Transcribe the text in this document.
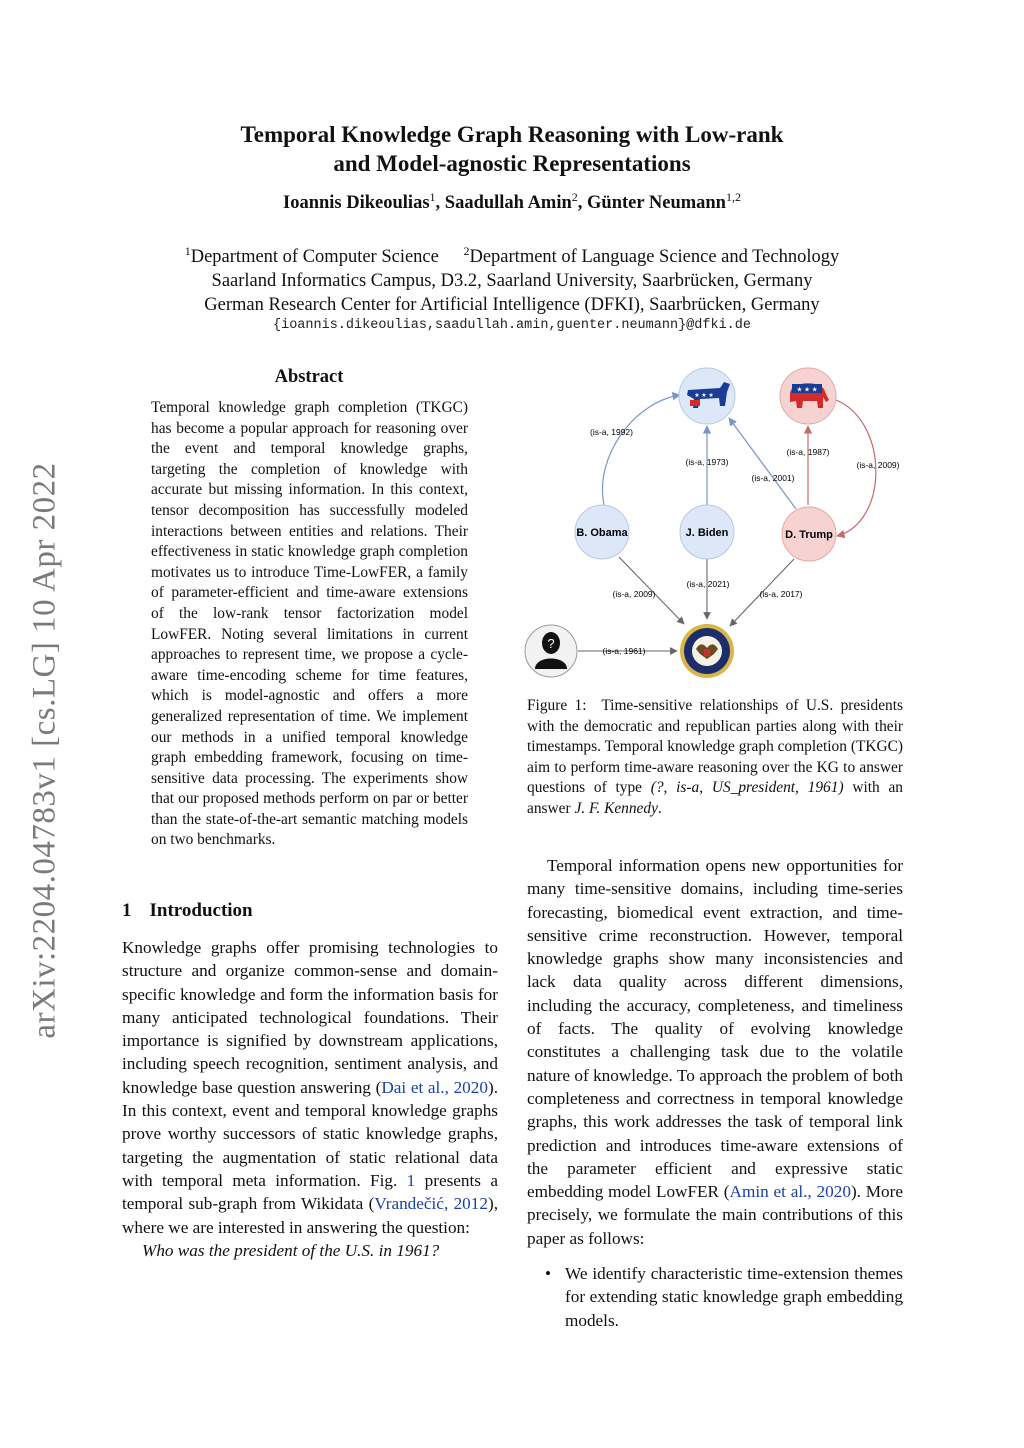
Temporal Knowledge Graph Reasoning with Low-rank
and Model-agnostic Representations
Ioannis Dikeoulias$^1$, Saadullah Amin$^2$, Günter Neumann$^{1,2}$
$^1$Department of Computer Science $^2$Department of Language Science and Technology
Saarland Informatics Campus, D3.2, Saarland University, Saarbrücken, Germany
German Research Center for Artificial Intelligence (DFKI), Saarbrücken, Germany
{ioannis.dikeoulias,saadullah.amin,guenter.neumann}@dfki.de
arXiv:2204.04783v1 [cs.LG] 10 Apr 2022
Abstract
Temporal knowledge graph completion (TKGC) has become a popular approach for reasoning over the event and temporal knowledge graphs, targeting the completion of knowledge with accurate but missing information. In this context, tensor decomposition has successfully modeled interactions between entities and relations. Their effectiveness in static knowledge graph completion motivates us to introduce Time-LowFER, a family of parameter-efficient and time-aware extensions of the low-rank tensor factorization model LowFER. Noting several limitations in current approaches to represent time, we propose a cycle-aware time-encoding scheme for time features, which is model-agnostic and offers a more generalized representation of time. We implement our methods in a unified temporal knowledge graph embedding framework, focusing on time-sensitive data processing. The experiments show that our proposed methods perform on par or better than the state-of-the-art semantic matching models on two benchmarks.
1 Introduction

Knowledge graphs offer promising technologies to structure and organize common-sense and domain-specific knowledge and form the information basis for many anticipated technological foundations. Their importance is signified by downstream applications, including speech recognition, sentiment analysis, and knowledge base question answering (Dai et al., 2020). In this context, event and temporal knowledge graphs prove worthy successors of static knowledge graphs, targeting the augmentation of static relational data with temporal meta information. Fig. 1 presents a temporal sub-graph from Wikidata (Vrandečić, 2012), where we are interested in answering the question:

Who was the president of the U.S. in 1961?

(is-a, 1992)
(is-a, 1973)
(is-a, 2001)
(is-a, 1987)
(is-a, 2009)
(is-a, 2009)
(is-a, 2021)
(is-a, 2017)
(is-a, 1961)
★ ★ ★
★ ★ ★
B. Obama	J. Biden	D. Trump
?
Figure 1: Time-sensitive relationships of U.S. presidents with the democratic and republican parties along with their timestamps. Temporal knowledge graph completion (TKGC) aim to perform time-aware reasoning over the KG to answer questions of type (?, is-a, US_president, 1961) with an answer J. F. Kennedy.

Temporal information opens new opportunities for many time-sensitive domains, including time-series forecasting, biomedical event extraction, and time-sensitive crime reconstruction. However, temporal knowledge graphs show many inconsistencies and lack data quality across different dimensions, including the accuracy, completeness, and timeliness of facts. The quality of evolving knowledge constitutes a challenging task due to the volatile nature of knowledge. To approach the problem of both completeness and correctness in temporal knowledge graphs, this work addresses the task of temporal link prediction and introduces time-aware extensions of the parameter efficient and expressive static embedding model LowFER (Amin et al., 2020). More precisely, we formulate the main contributions of this paper as follows:

• We identify characteristic time-extension themes for extending static knowledge graph embedding models.
